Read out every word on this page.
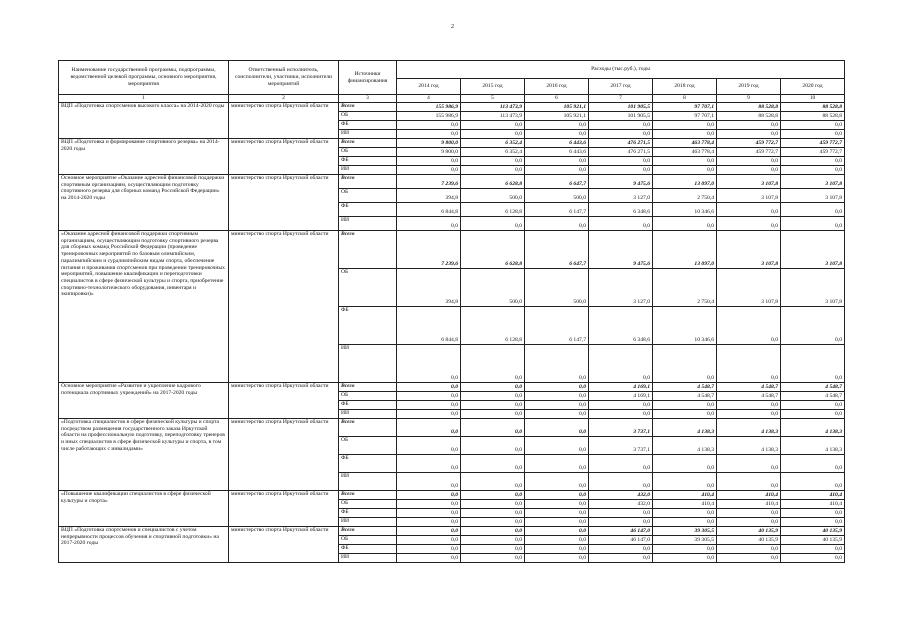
2
Наименование государственной программы, подпрограммы, ведомственной целевой программы, основного мероприятия, мероприятия	Ответственный исполнитель, соисполнители, участники, исполнители мероприятий	Источники финансирования	Расходы (тыс.руб.), годы						
			2014 год	2015 год	2016 год	2017 год	2018 год	2019 год	2020 год
1	2	3	4	5	6	7	8	9	10
ВЦП «Подготовка спортсменов высокого класса» на 2014-2020 годы	министерство спорта Иркутской области	Всего	155 986,9	113 473,9	105 921,1	101 905,5	97 707,1	88 528,8	88 528,8
		ОБ	155 986,9	113 473,9	105 921,1	101 905,5	97 707,1	88 528,8	88 528,8
		ФБ	0,0	0,0	0,0	0,0	0,0	0,0	0,0
		ИИ	0,0	0,0	0,0	0,0	0,0	0,0	0,0
ВЦП «Подготовка и формирование спортивного резерва» на 2014-2020 годы	министерство спорта Иркутской области	Всего	9 800,0	6 352,4	6 443,6	476 271,5	463 778,4	459 772,7	459 772,7
		ОБ	9 800,0	6 352,4	6 443,6	476 271,5	463 778,4	459 772,7	459 772,7
		ФБ	0,0	0,0	0,0	0,0	0,0	0,0	0,0
		ИИ	0,0	0,0	0,0	0,0	0,0	0,0	0,0
Основное мероприятие «Оказание адресной финансовой поддержки спортивным организациям, осуществляющим подготовку спортивного резерва для сборных команд Российской Федерации» на 2014-2020 годы	министерство спорта Иркутской области	Всего	7 239,6	6 628,8	6 647,7	9 475,6	13 097,0	3 107,8	3 107,8
		ОБ	394,8	500,0	500,0	3 127,0	2 750,4	3 107,8	3 107,8
		ФБ	6 844,8	6 128,8	6 147,7	6 348,6	10 346,6	0,0	0,0
		ИИ	0,0	0,0	0,0	0,0	0,0	0,0	0,0
«Оказание адресной финансовой поддержки спортивным организациям, осуществляющим подготовку спортивного резерва для сборных команд Российской Федерации (проведение тренировочных мероприятий по базовым олимпийским, паралимпийским и сурдлимпийским видам спорта, обеспечение питания и проживания спортсменов при проведении тренировочных мероприятий, повышение квалификации и переподготовки специалистов в сфере физической культуры и спорта, приобретение спортивно-технологического оборудования, инвентаря и экипировки)»	министерство спорта Иркутской области	Всего	7 239,6	6 628,8	6 647,7	9 475,6	13 097,0	3 107,8	3 107,8
		ОБ	394,8	500,0	500,0	3 127,0	2 750,4	3 107,8	3 107,8
		ФБ	6 844,8	6 128,8	6 147,7	6 348,6	10 346,6	0,0	0,0
		ИИ	0,0	0,0	0,0	0,0	0,0	0,0	0,0
Основное мероприятие «Развитие и укрепление кадрового потенциала спортивных учреждений» на 2017-2020 годы	министерство спорта Иркутской области	Всего	0,0	0,0	0,0	4 169,1	4 548,7	4 548,7	4 548,7
		ОБ	0,0	0,0	0,0	4 169,1	4 548,7	4 548,7	4 548,7
		ФБ	0,0	0,0	0,0	0,0	0,0	0,0	0,0
		ИИ	0,0	0,0	0,0	0,0	0,0	0,0	0,0
«Подготовка специалистов в сфере физической культуры и спорта посредством размещения государственного заказа Иркутской области на профессиональную подготовку, переподготовку тренеров и иных специалистов в сфере физической культуры и спорта, в том числе работающих с инвалидами»	министерство спорта Иркутской области	Всего	0,0	0,0	0,0	3 737,1	4 138,3	4 138,3	4 138,3
		ОБ	0,0	0,0	0,0	3 737,1	4 138,3	4 138,3	4 138,3
		ФБ	0,0	0,0	0,0	0,0	0,0	0,0	0,0
		ИИ	0,0	0,0	0,0	0,0	0,0	0,0	0,0
«Повышение квалификации специалистов в сфере физической культуры и спорта»	министерство спорта Иркутской области	Всего	0,0	0,0	0,0	432,0	410,4	410,4	410,4
		ОБ	0,0	0,0	0,0	432,0	410,4	410,4	410,4
		ФБ	0,0	0,0	0,0	0,0	0,0	0,0	0,0
		ИИ	0,0	0,0	0,0	0,0	0,0	0,0	0,0
ВЦП «Подготовка спортсменов и специалистов с учетом непрерывности процессов обучения и спортивной подготовки» на 2017-2020 годы	министерство спорта Иркутской области	Всего	0,0	0,0	0,0	46 147,0	39 305,5	40 135,9	40 135,9
		ОБ	0,0	0,0	0,0	46 147,0	39 305,5	40 135,9	40 135,9
		ФБ	0,0	0,0	0,0	0,0	0,0	0,0	0,0
		ИИ	0,0	0,0	0,0	0,0	0,0	0,0	0,0
